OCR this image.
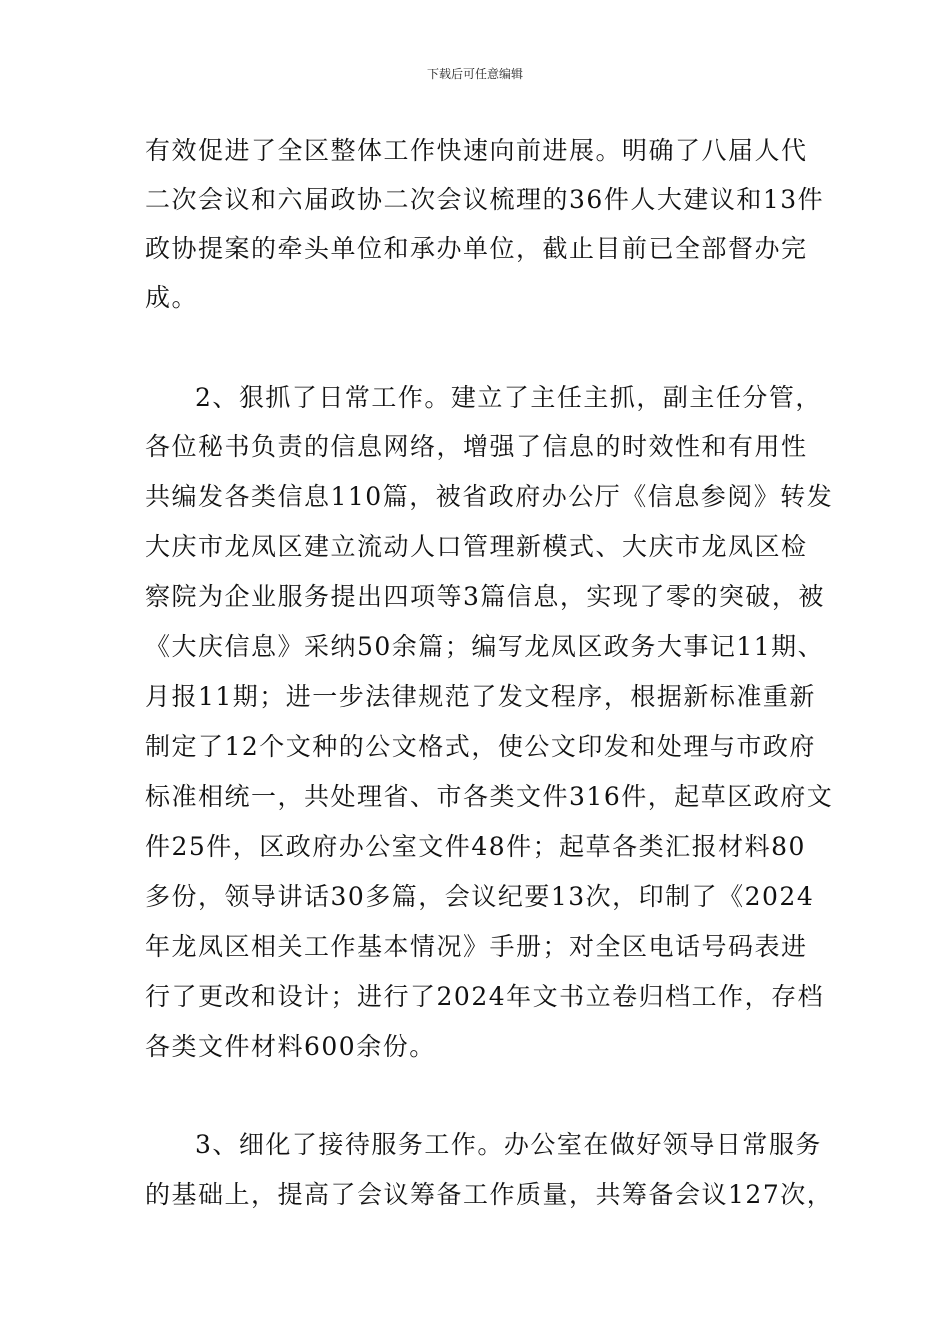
下载后可任意编辑
有效促进了全区整体工作快速向前进展。明确了八届人代
二次会议和六届政协二次会议梳理的36件人大建议和13件
政协提案的牵头单位和承办单位，截止目前已全部督办完
成。
2、狠抓了日常工作。建立了主任主抓，副主任分管，
各位秘书负责的信息网络，增强了信息的时效性和有用性
共编发各类信息110篇，被省政府办公厅《信息参阅》转发
大庆市龙凤区建立流动人口管理新模式、大庆市龙凤区检
察院为企业服务提出四项等3篇信息，实现了零的突破，被
《大庆信息》采纳50余篇；编写龙凤区政务大事记11期、
月报11期；进一步法律规范了发文程序，根据新标准重新
制定了12个文种的公文格式，使公文印发和处理与市政府
标准相统一，共处理省、市各类文件316件，起草区政府文
件25件，区政府办公室文件48件；起草各类汇报材料80
多份，领导讲话30多篇，会议纪要13次，印制了《2024
年龙凤区相关工作基本情况》手册；对全区电话号码表进
行了更改和设计；进行了2024年文书立卷归档工作，存档
各类文件材料600余份。
3、细化了接待服务工作。办公室在做好领导日常服务
的基础上，提高了会议筹备工作质量，共筹备会议127次，
